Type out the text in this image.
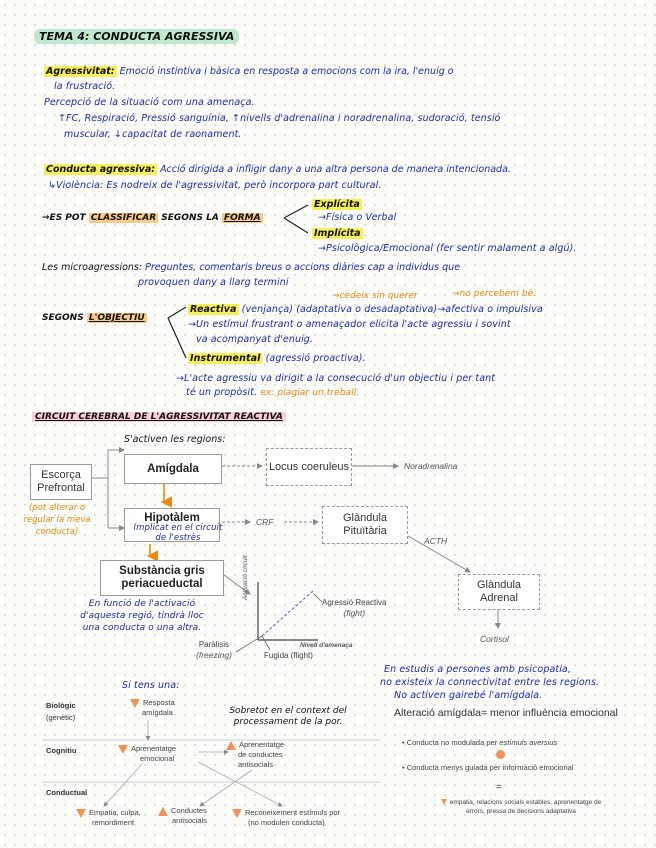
TEMA 4: CONDUCTA AGRESSIVA
Agressivitat: Emoció instintiva i bàsica en resposta a emocions com la ira, l'enuig o
la frustració.
Percepció de la situació com una amenaça.
↑FC, Respiració, Pressió sanguínia, ↑nivells d'adrenalina i noradrenalina, sudoració, tensió
muscular, ↓capacitat de raonament.
Conducta agressiva: Acció dirigida a infligir dany a una altra persona de manera intencionada.
↳Violència: Es nodreix de l'agressivitat, però incorpora part cultural.
→ES POT CLASSIFICAR SEGONS LA FORMA
Explícita
→Física o Verbal
Implícita
→Psicològica/Emocional (fer sentir malament a algú).
Les microagressions: Preguntes, comentaris breus o accions diàries cap a individus que
provoquen dany a llarg termini
→cedeix sin querer	→no percebem bé.
SEGONS L'OBJECTIU
Reactiva (venjança) (adaptativa o desadaptativa)→afectiva o impulsiva
→Un estímul frustrant o amenaçador elicita l'acte agressiu i sovint
va acompanyat d'enuig.
Instrumental (agressió proactiva).
→L'acte agressiu va dirigit a la consecució d'un objectiu i per tant
té un propòsit. ex: plagiar un treball.
CIRCUIT CEREBRAL DE L'AGRESSIVITAT REACTIVA
S'activen les regions:
Escorça Prefrontal
(pot alterar o
regular la meva
conducta)
Amígdala	Locus coeruleus	Noradrenalina
Hipotàlem
Implicat en el circuit
de l'estrès
CRF	Glàndula Pituïtària
ACTH
Substància gris periacueductal
En funció de l'activació
d'aquesta regió, tindrà lloc
una conducta o una altra.
Glàndula Adrenal
Cortisol
Activació circuit
Nivell d'amenaça
Agressió Reactiva
(fight)
Paràlisis
(freezing)	Fugida (flight)
En estudis a persones amb psicopatia,
no existeix la connectivitat entre les regions.
No activen gairebé l'amígdala.
Alteració amígdala= menor influència emocional
• Conducta no modulada per estímuls aversius
• Conducta menys guiada per informació emocional
=
empatia, relacions socials estables, aprenentatge de
errors, pressa de decisions adaptativa
Si tens una:
Sobretot en el context del
processament de la por.
Biològic
(genètic)
Cognitiu
Conductual
Resposta
amígdala
Aprenentatge
emocional
Aprenentatge
de conductes
antisocials
Empatia, culpa,
remordiment
Conductes
antisocials
Reconeixement estímuls por
(no modulen conducta)
